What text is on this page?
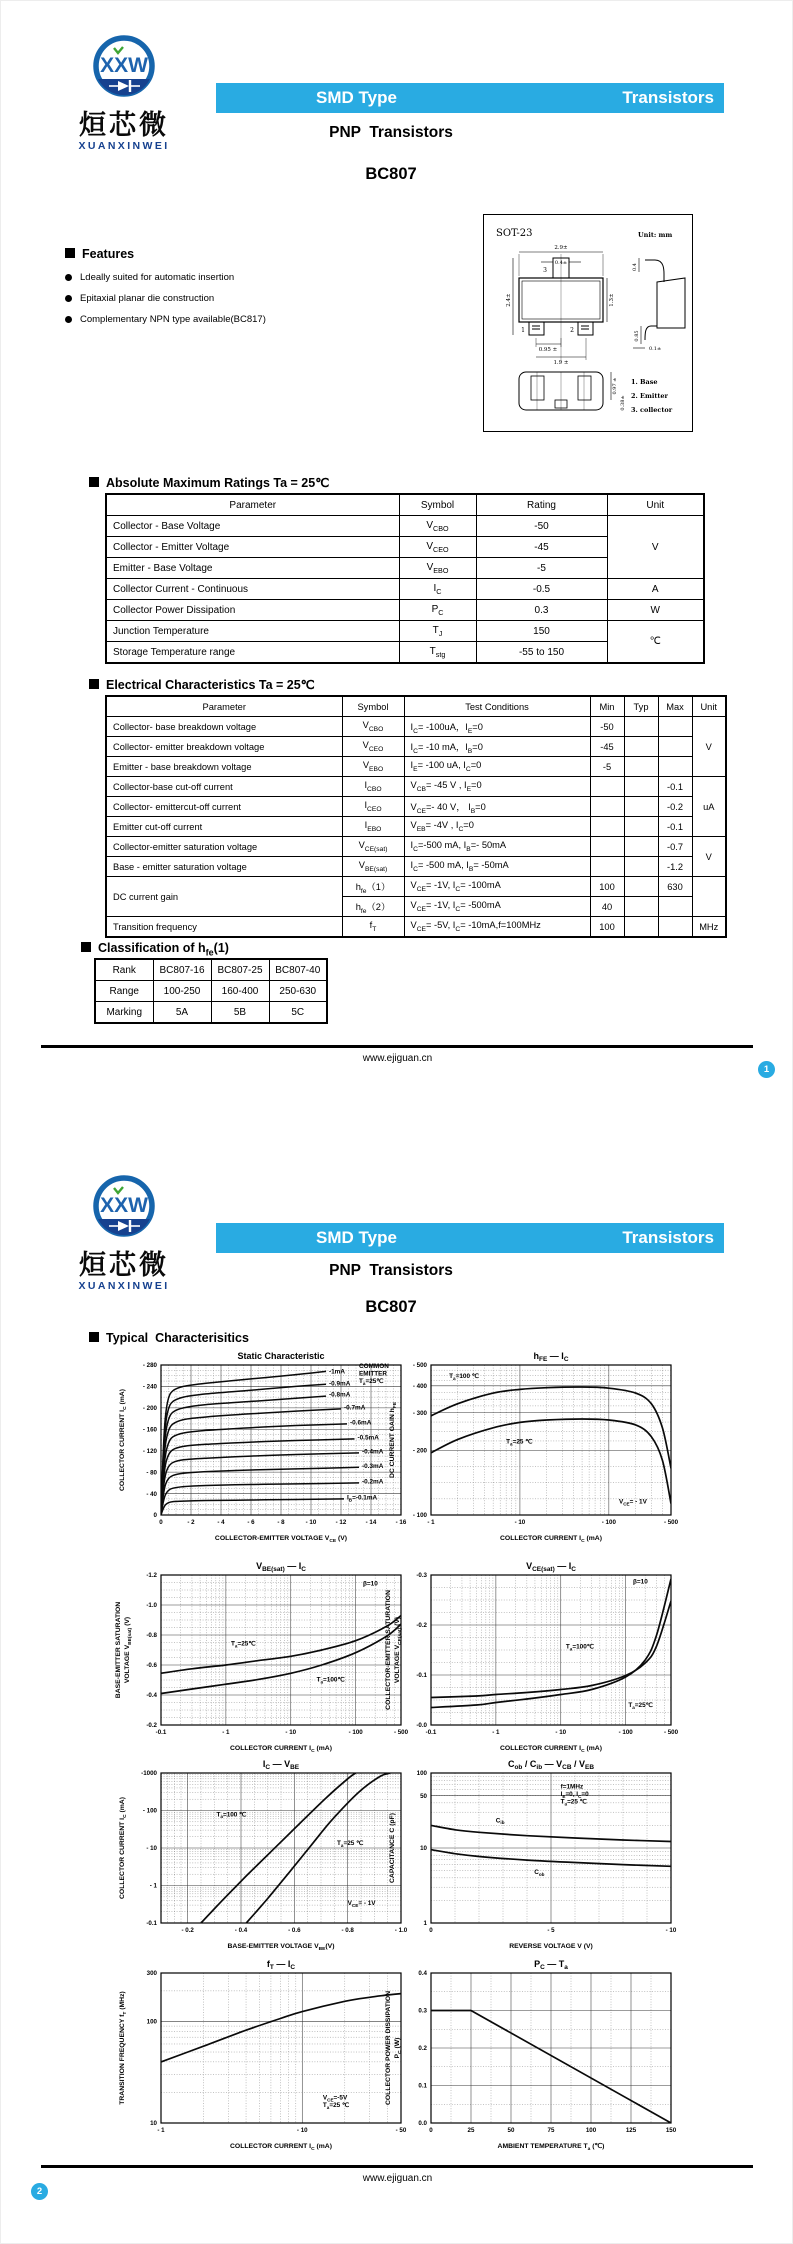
XXW
烜芯微
XUANXINWEI
SMD Type	Transistors
PNP  Transistors
BC807
Features
Ldeally suited for automatic insertion
Epitaxial planar die construction
Complementary NPN type available(BC817)
SOT-23	Unit: mm
3
1	2
2.9±
0.4±
2.4±	1.3±
0.95 ±
1.9 ±
0.4
0.85
0.1±
0.97 ±
0.38±
1. Base
2. Emitter
3. collector
Absolute Maximum Ratings Ta = 25℃
Parameter	Symbol	Rating	Unit
Collector - Base Voltage	$V_{CBO}$	-50	V
Collector - Emitter Voltage	$V_{CEO}$	-45	
Emitter - Base Voltage	$V_{EBO}$	-5	
Collector Current - Continuous	$I_C$	-0.5	A
Collector Power Dissipation	$P_C$	0.3	W
Junction Temperature	$T_J$	150	℃
Storage Temperature range	$T_{stg}$	-55 to 150	
Electrical Characteristics Ta = 25℃
Parameter	Symbol	Test Conditions	Min	Typ	Max	Unit
Collector- base breakdown voltage	$V_{CBO}$	$I_C= -100uA$，$I_E=0$	-50			V
Collector- emitter breakdown voltage	$V_{CEO}$	$I_C= -10$ mA，$I_B=0$	-45			
Emitter - base breakdown voltage	$V_{EBO}$	$I_E= -100$ uA, $I_C=0$	-5			
Collector-base cut-off current	$I_{CBO}$	$V_{CB}= -45$ V , $I_E=0$			-0.1	uA
Collector- emittercut-off current	$I_{CEO}$	$V_{CE}=-$ 40 V， $I_B=0$			-0.2	
Emitter cut-off current	$I_{EBO}$	$V_{EB}= -4V$ , $I_C=0$			-0.1	
Collector-emitter saturation voltage	$V_{CE(sat)}$	$I_C=-500$ mA, $I_B=-$ 50mA			-0.7	V
Base - emitter saturation voltage	$V_{BE(sat)}$	$I_C= -500$ mA, $I_B= -50mA$			-1.2	
DC current gain	$h_{fe}(1)$	$V_{CE}= -1V$, $I_C= -100mA$	100		630	
	$h_{fe}(2)$	$V_{CE}= -1V$, $I_C= -500mA$	40			
Transition frequency	$f_T$	$V_{CE}= -5V$, $I_C= -10mA,f=100MHz$	100			MHz
Classification of $h_{fe}(1)$
Rank	BC807-16	BC807-25	BC807-40
Range	100-250	160-400	250-630
Marking	5A	5B	5C
www.ejiguan.cn
1
XXW
烜芯微
XUANXINWEI
SMD Type	Transistors
PNP  Transistors
BC807
Typical  Characterisitics
www.ejiguan.cn
2
0	- 2	- 4	- 6	- 8	- 10	- 12	- 14	- 16
0
- 40
- 80
- 120
- 160
- 200
- 240
- 280	COMMON
EMITTER
$T_a=25℃$
-1mA
-0.9mA
-0.8mA
-0.7mA
-0.6mA
-0.5mA
-0.4mA
-0.3mA
-0.2mA
$I_B=-0.1mA$
Static Characteristic
COLLECTOR-EMITTER VOLTAGE $V_{CE}$ (V)
COLLECTOR CURRENT $I_C$ (mA)
- 1	- 10	- 100	- 500
- 100
- 200
- 300
- 400
- 500
$T_a=100$ ℃
$T_a=25$ ℃
$V_{CE}= - 1V$
$h_{FE}$ — $I_C$
COLLECTOR CURRENT $I_C$ (mA)
DC CURRENT GAIN $h_{FE}$
-0.1	- 1	- 10	- 100	- 500
-0.2
-0.4
-0.6
-0.8
-1.0
-1.2
β=10
$T_a=25℃$
$T_a=100℃$
$V_{BE(sat)}$ — $I_C$
COLLECTOR CURRENT $I_C$ (mA)
BASE-EMITTER SATURATION VOLTAGE $V_{BE(sat)}$ (V)
-0.1	- 1	- 10	- 100	- 500
-0.0
-0.1
-0.2
-0.3
β=10
$T_a=100℃$
$T_a=25℃$
$V_{CE(sat)}$ — $I_C$
COLLECTOR CURRENT $I_C$ (mA)
COLLECTOR-EMITTER SATURATION VOLTAGE $V_{CE(sat)}$ (V)
- 0.2	- 0.4	- 0.6	- 0.8	- 1.0
-0.1
- 1
- 10
- 100
-1000
$T_a=100$ ℃
$T_a=25$ ℃
$V_{CE}= - 1V$
$I_C$ — $V_{BE}$
BASE-EMITTER VOLTAGE $V_{BE}(V)$
COLLECTOR CURRENT $I_C$ (mA)
0	- 5	- 10
1
10
50
100
f=1MHz
$I_E=0$, $I_C=0$
$T_a=25$ ℃
$C_{ib}$
$C_{ob}$
$C_{ob} / C_{ib}$ — $V_{CB} / V_{EB}$
REVERSE VOLTAGE V (V)
CAPACITANCE C (pF)
- 1	- 10	- 50
10
100
300
$V_{CE}=-5V$
$T_a=25$ ℃
$f_T$ — $I_C$
COLLECTOR CURRENT $I_C$ (mA)
TRANSITION FREQUENCY $f_T$ (MHz)
0	25	50	75	100	125	150
0.0
0.1
0.2
0.3
0.4
$P_C$ — $T_a$
AMBIENT TEMPERATURE $T_a$ (℃)
COLLECTOR POWER DISSIPATION $P_C$ (W)
